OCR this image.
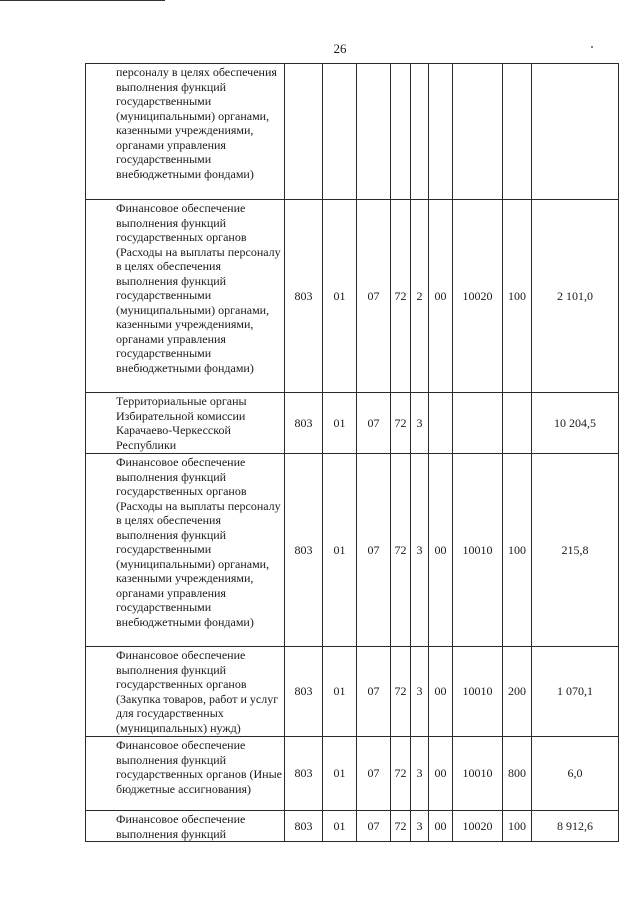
26
персоналу в целях обеспечения выполнения функций государственными (муниципальными) органами, казенными учреждениями, органами управления государственными внебюджетными фондами)									
Финансовое обеспечение выполнения функций государственных органов (Расходы на выплаты персоналу в целях обеспечения выполнения функций государственными (муниципальными) органами, казенными учреждениями, органами управления государственными внебюджетными фондами)	803	01	07	72	2	00	10020	100	2 101,0
Территориальные органы Избирательной комиссии Карачаево-Черкесской Республики	803	01	07	72	3				10 204,5
Финансовое обеспечение выполнения функций государственных органов (Расходы на выплаты персоналу в целях обеспечения выполнения функций государственными (муниципальными) органами, казенными учреждениями, органами управления государственными внебюджетными фондами)	803	01	07	72	3	00	10010	100	215,8
Финансовое обеспечение выполнения функций государственных органов (Закупка товаров, работ и услуг для государственных (муниципальных) нужд)	803	01	07	72	3	00	10010	200	1 070,1
Финансовое обеспечение выполнения функций государственных органов (Иные бюджетные ассигнования)	803	01	07	72	3	00	10010	800	6,0
Финансовое обеспечение выполнения функций	803	01	07	72	3	00	10020	100	8 912,6
